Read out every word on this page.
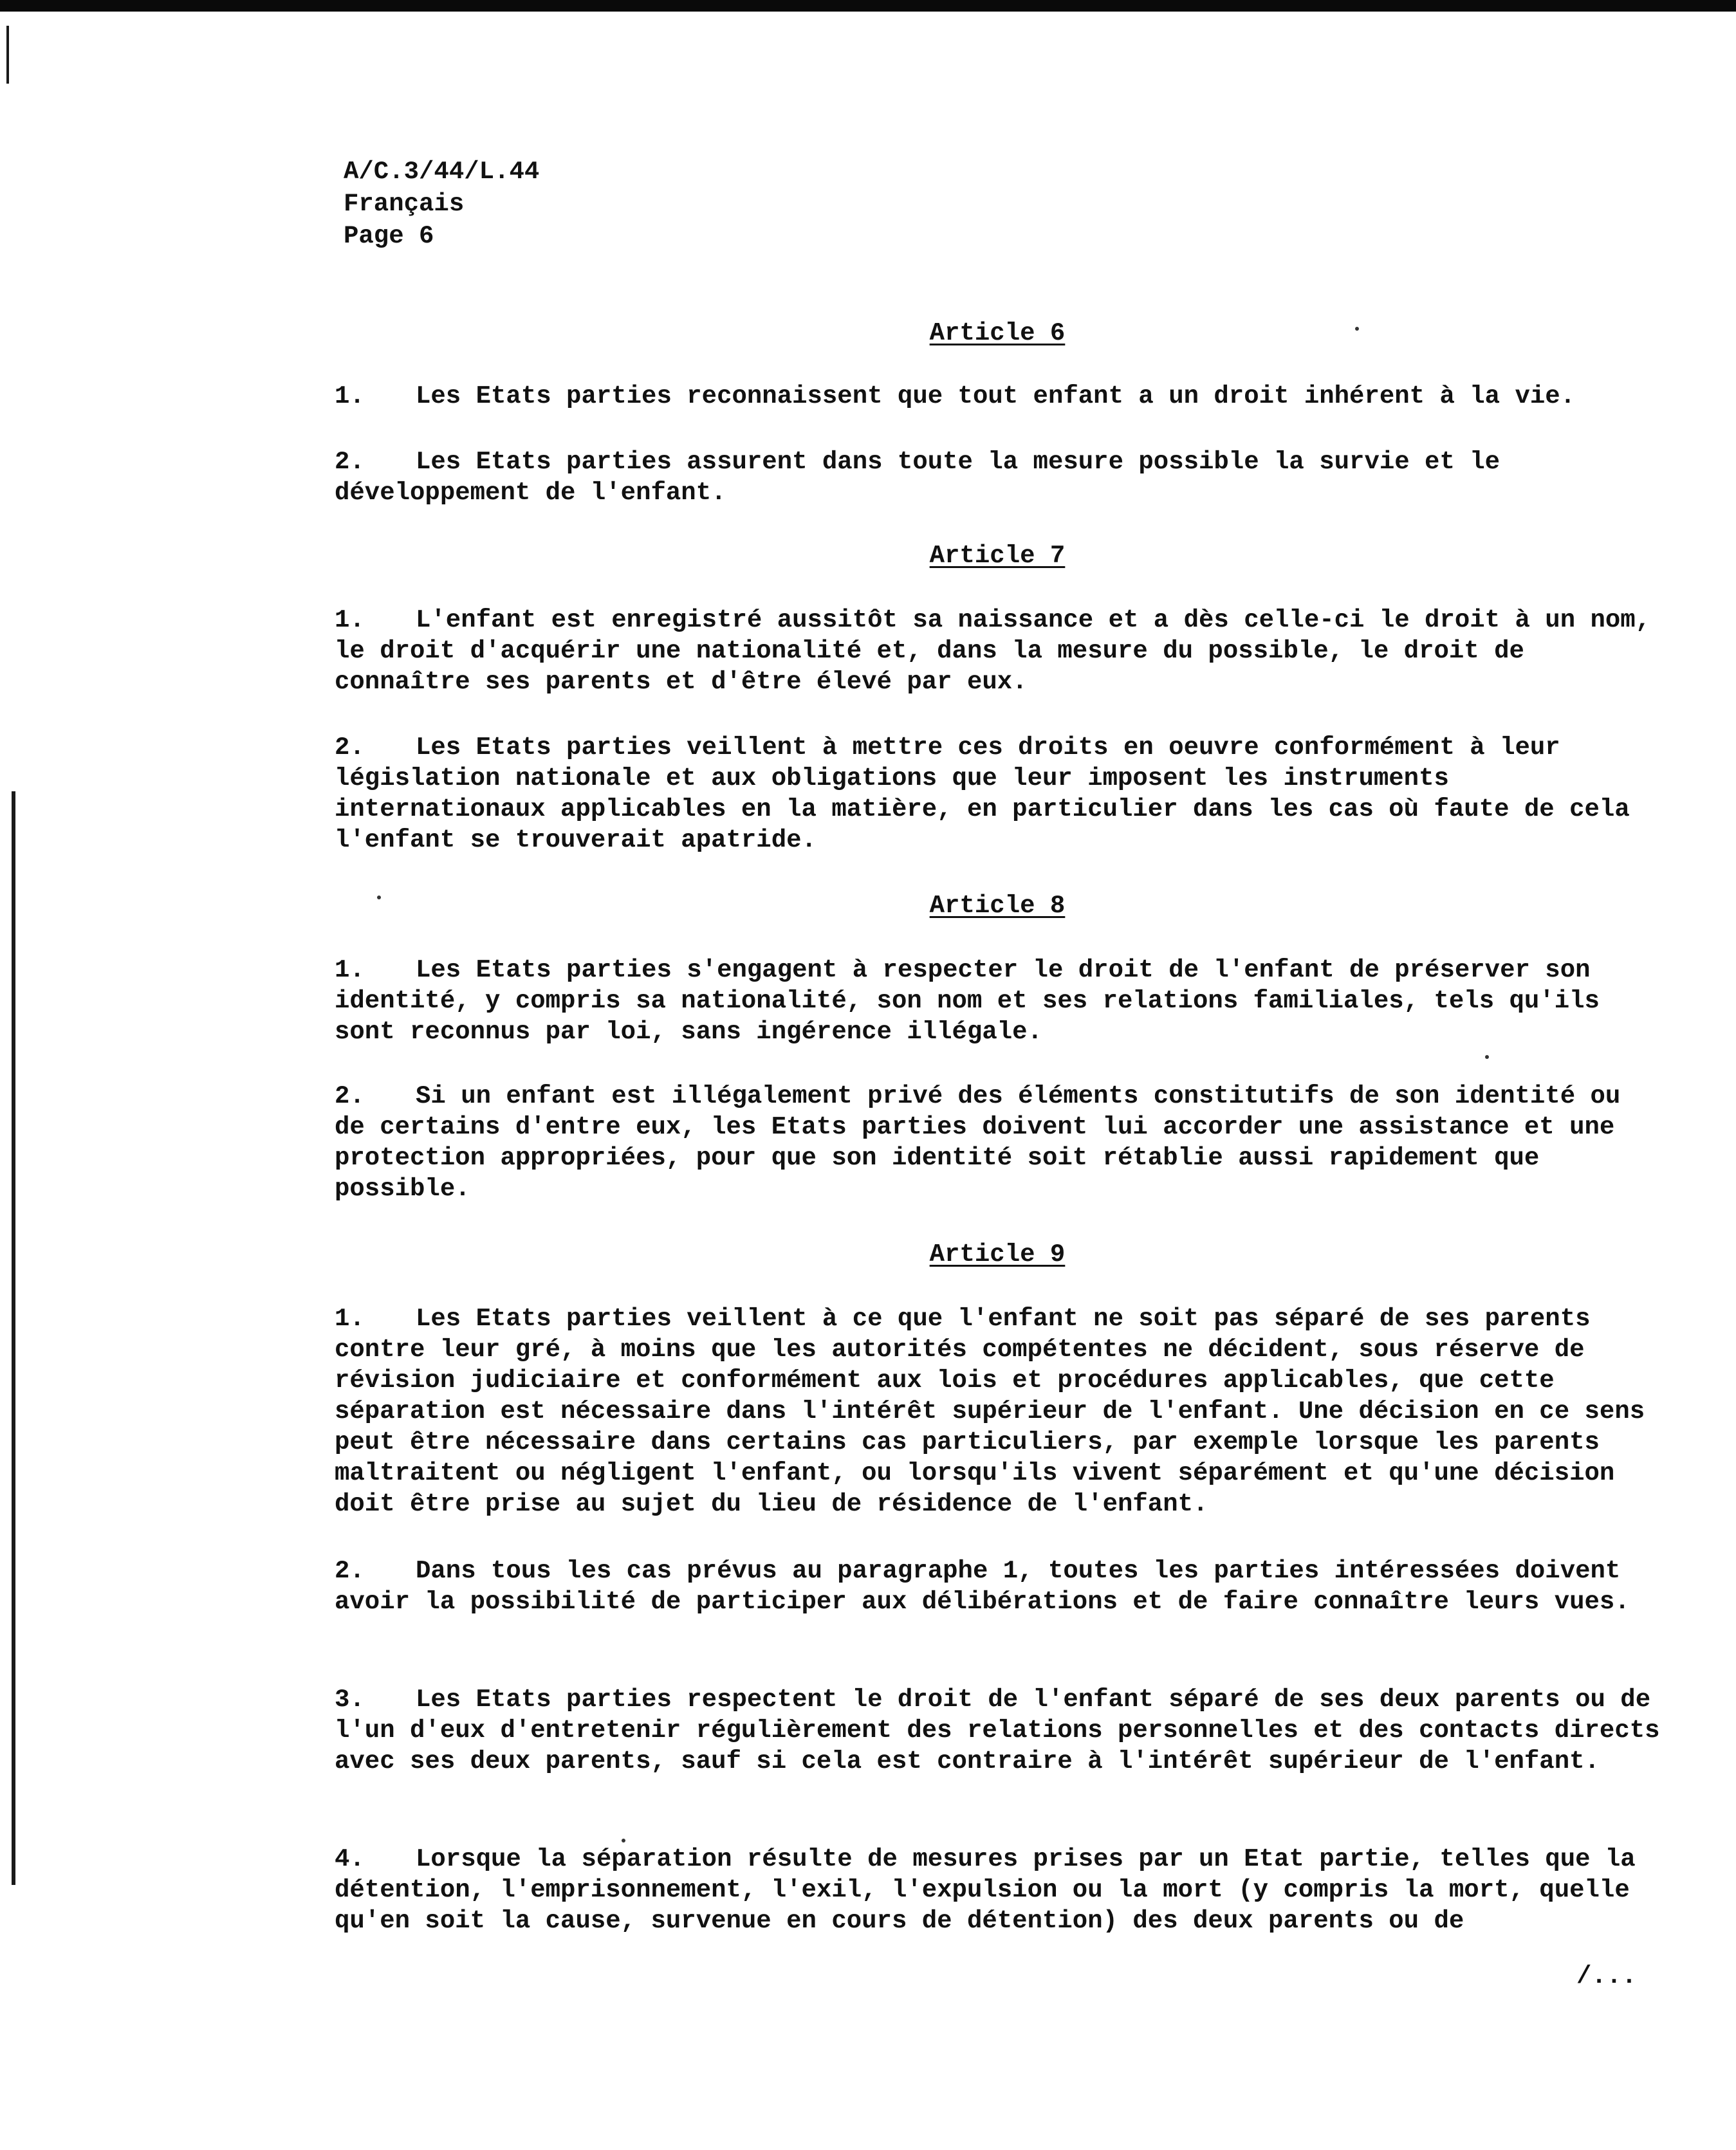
A/C.3/44/L.44
Français
Page 6
Article 6
1. Les Etats parties reconnaissent que tout enfant a un droit inhérent à la vie.
2. Les Etats parties assurent dans toute la mesure possible la survie et le développement de l'enfant.
Article 7
1. L'enfant est enregistré aussitôt sa naissance et a dès celle-ci le droit à un nom, le droit d'acquérir une nationalité et, dans la mesure du possible, le droit de connaître ses parents et d'être élevé par eux.
2. Les Etats parties veillent à mettre ces droits en oeuvre conformément à leur législation nationale et aux obligations que leur imposent les instruments internationaux applicables en la matière, en particulier dans les cas où faute de cela l'enfant se trouverait apatride.
Article 8
1. Les Etats parties s'engagent à respecter le droit de l'enfant de préserver son identité, y compris sa nationalité, son nom et ses relations familiales, tels qu'ils sont reconnus par loi, sans ingérence illégale.
2. Si un enfant est illégalement privé des éléments constitutifs de son identité ou de certains d'entre eux, les Etats parties doivent lui accorder une assistance et une protection appropriées, pour que son identité soit rétablie aussi rapidement que possible.
Article 9
1. Les Etats parties veillent à ce que l'enfant ne soit pas séparé de ses parents contre leur gré, à moins que les autorités compétentes ne décident, sous réserve de révision judiciaire et conformément aux lois et procédures applicables, que cette séparation est nécessaire dans l'intérêt supérieur de l'enfant. Une décision en ce sens peut être nécessaire dans certains cas particuliers, par exemple lorsque les parents maltraitent ou négligent l'enfant, ou lorsqu'ils vivent séparément et qu'une décision doit être prise au sujet du lieu de résidence de l'enfant.
2. Dans tous les cas prévus au paragraphe 1, toutes les parties intéressées doivent avoir la possibilité de participer aux délibérations et de faire connaître leurs vues.
3. Les Etats parties respectent le droit de l'enfant séparé de ses deux parents ou de l'un d'eux d'entretenir régulièrement des relations personnelles et des contacts directs avec ses deux parents, sauf si cela est contraire à l'intérêt supérieur de l'enfant.
4. Lorsque la séparation résulte de mesures prises par un Etat partie, telles que la détention, l'emprisonnement, l'exil, l'expulsion ou la mort (y compris la mort, quelle qu'en soit la cause, survenue en cours de détention) des deux parents ou de
/...
